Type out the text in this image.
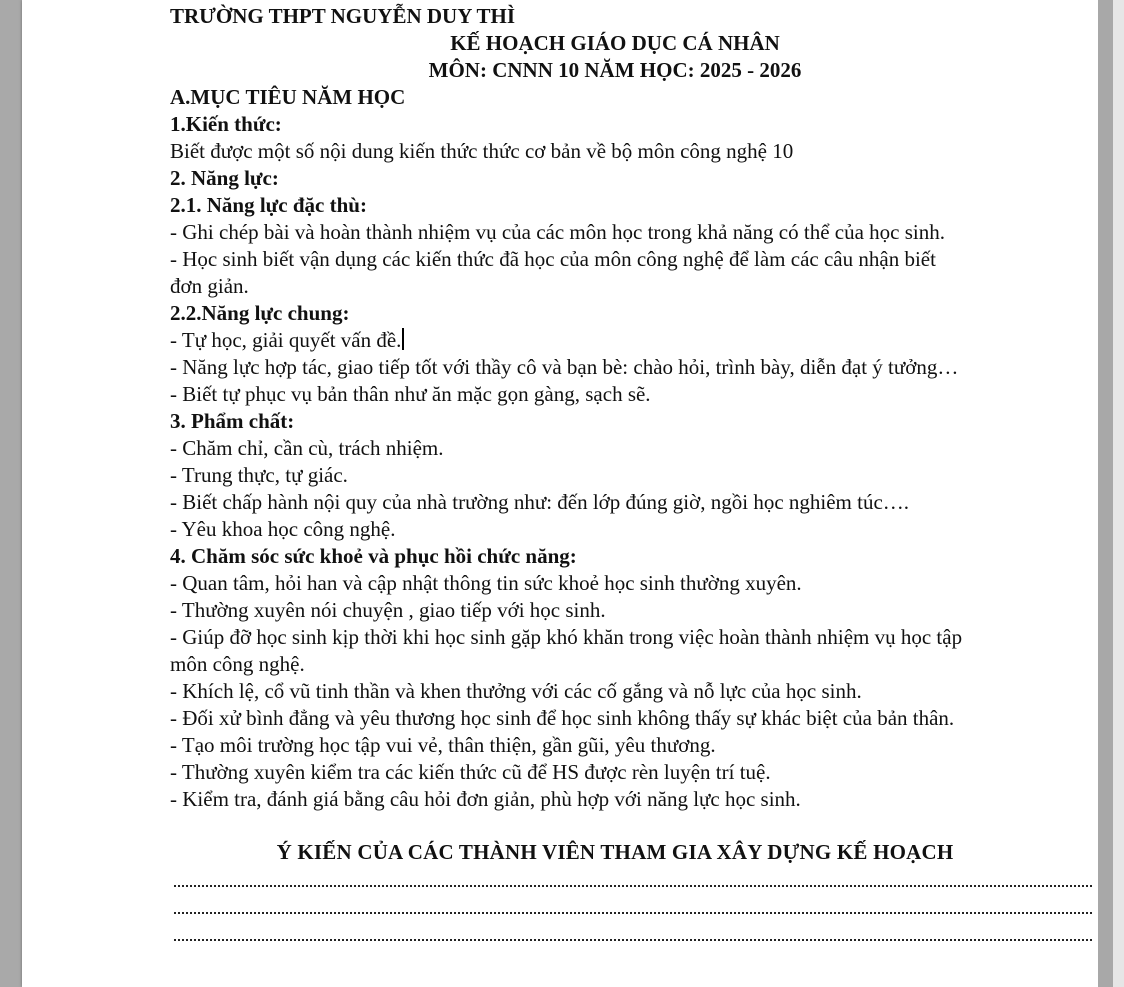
TRƯỜNG THPT NGUYỄN DUY THÌ
KẾ HOẠCH GIÁO DỤC CÁ NHÂN
MÔN: CNNN 10 NĂM HỌC: 2025 - 2026
A.MỤC TIÊU NĂM HỌC
1.Kiến thức:
Biết được một số nội dung kiến thức thức cơ bản về bộ môn công nghệ 10
2. Năng lực:
2.1. Năng lực đặc thù:
- Ghi chép bài và hoàn thành nhiệm vụ của các môn học trong khả năng có thể của học sinh.
- Học sinh biết vận dụng các kiến thức đã học của môn công nghệ để làm các câu nhận biết
đơn giản.
2.2.Năng lực chung:
- Tự học, giải quyết vấn đề.
- Năng lực hợp tác, giao tiếp tốt với thầy cô và bạn bè: chào hỏi, trình bày, diễn đạt ý tưởng…
- Biết tự phục vụ bản thân như ăn mặc gọn gàng, sạch sẽ.
3. Phẩm chất:
- Chăm chỉ, cần cù, trách nhiệm.
- Trung thực, tự giác.
- Biết chấp hành nội quy của nhà trường như: đến lớp đúng giờ, ngồi học nghiêm túc….
- Yêu khoa học công nghệ.
4. Chăm sóc sức khoẻ và phục hồi chức năng:
- Quan tâm, hỏi han và cập nhật thông tin sức khoẻ học sinh thường xuyên.
- Thường xuyên nói chuyện , giao tiếp với học sinh.
- Giúp đỡ học sinh kịp thời khi học sinh gặp khó khăn trong việc hoàn thành nhiệm vụ học tập
môn công nghệ.
- Khích lệ, cổ vũ tinh thần và khen thưởng với các cố gắng và nỗ lực của học sinh.
- Đối xử bình đẳng và yêu thương học sinh để học sinh không thấy sự khác biệt của bản thân.
- Tạo môi trường học tập vui vẻ, thân thiện, gần gũi, yêu thương.
- Thường xuyên kiểm tra các kiến thức cũ để HS được rèn luyện trí tuệ.
- Kiểm tra, đánh giá bằng câu hỏi đơn giản, phù hợp với năng lực học sinh.
Ý KIẾN CỦA CÁC THÀNH VIÊN THAM GIA XÂY DỰNG KẾ HOẠCH
